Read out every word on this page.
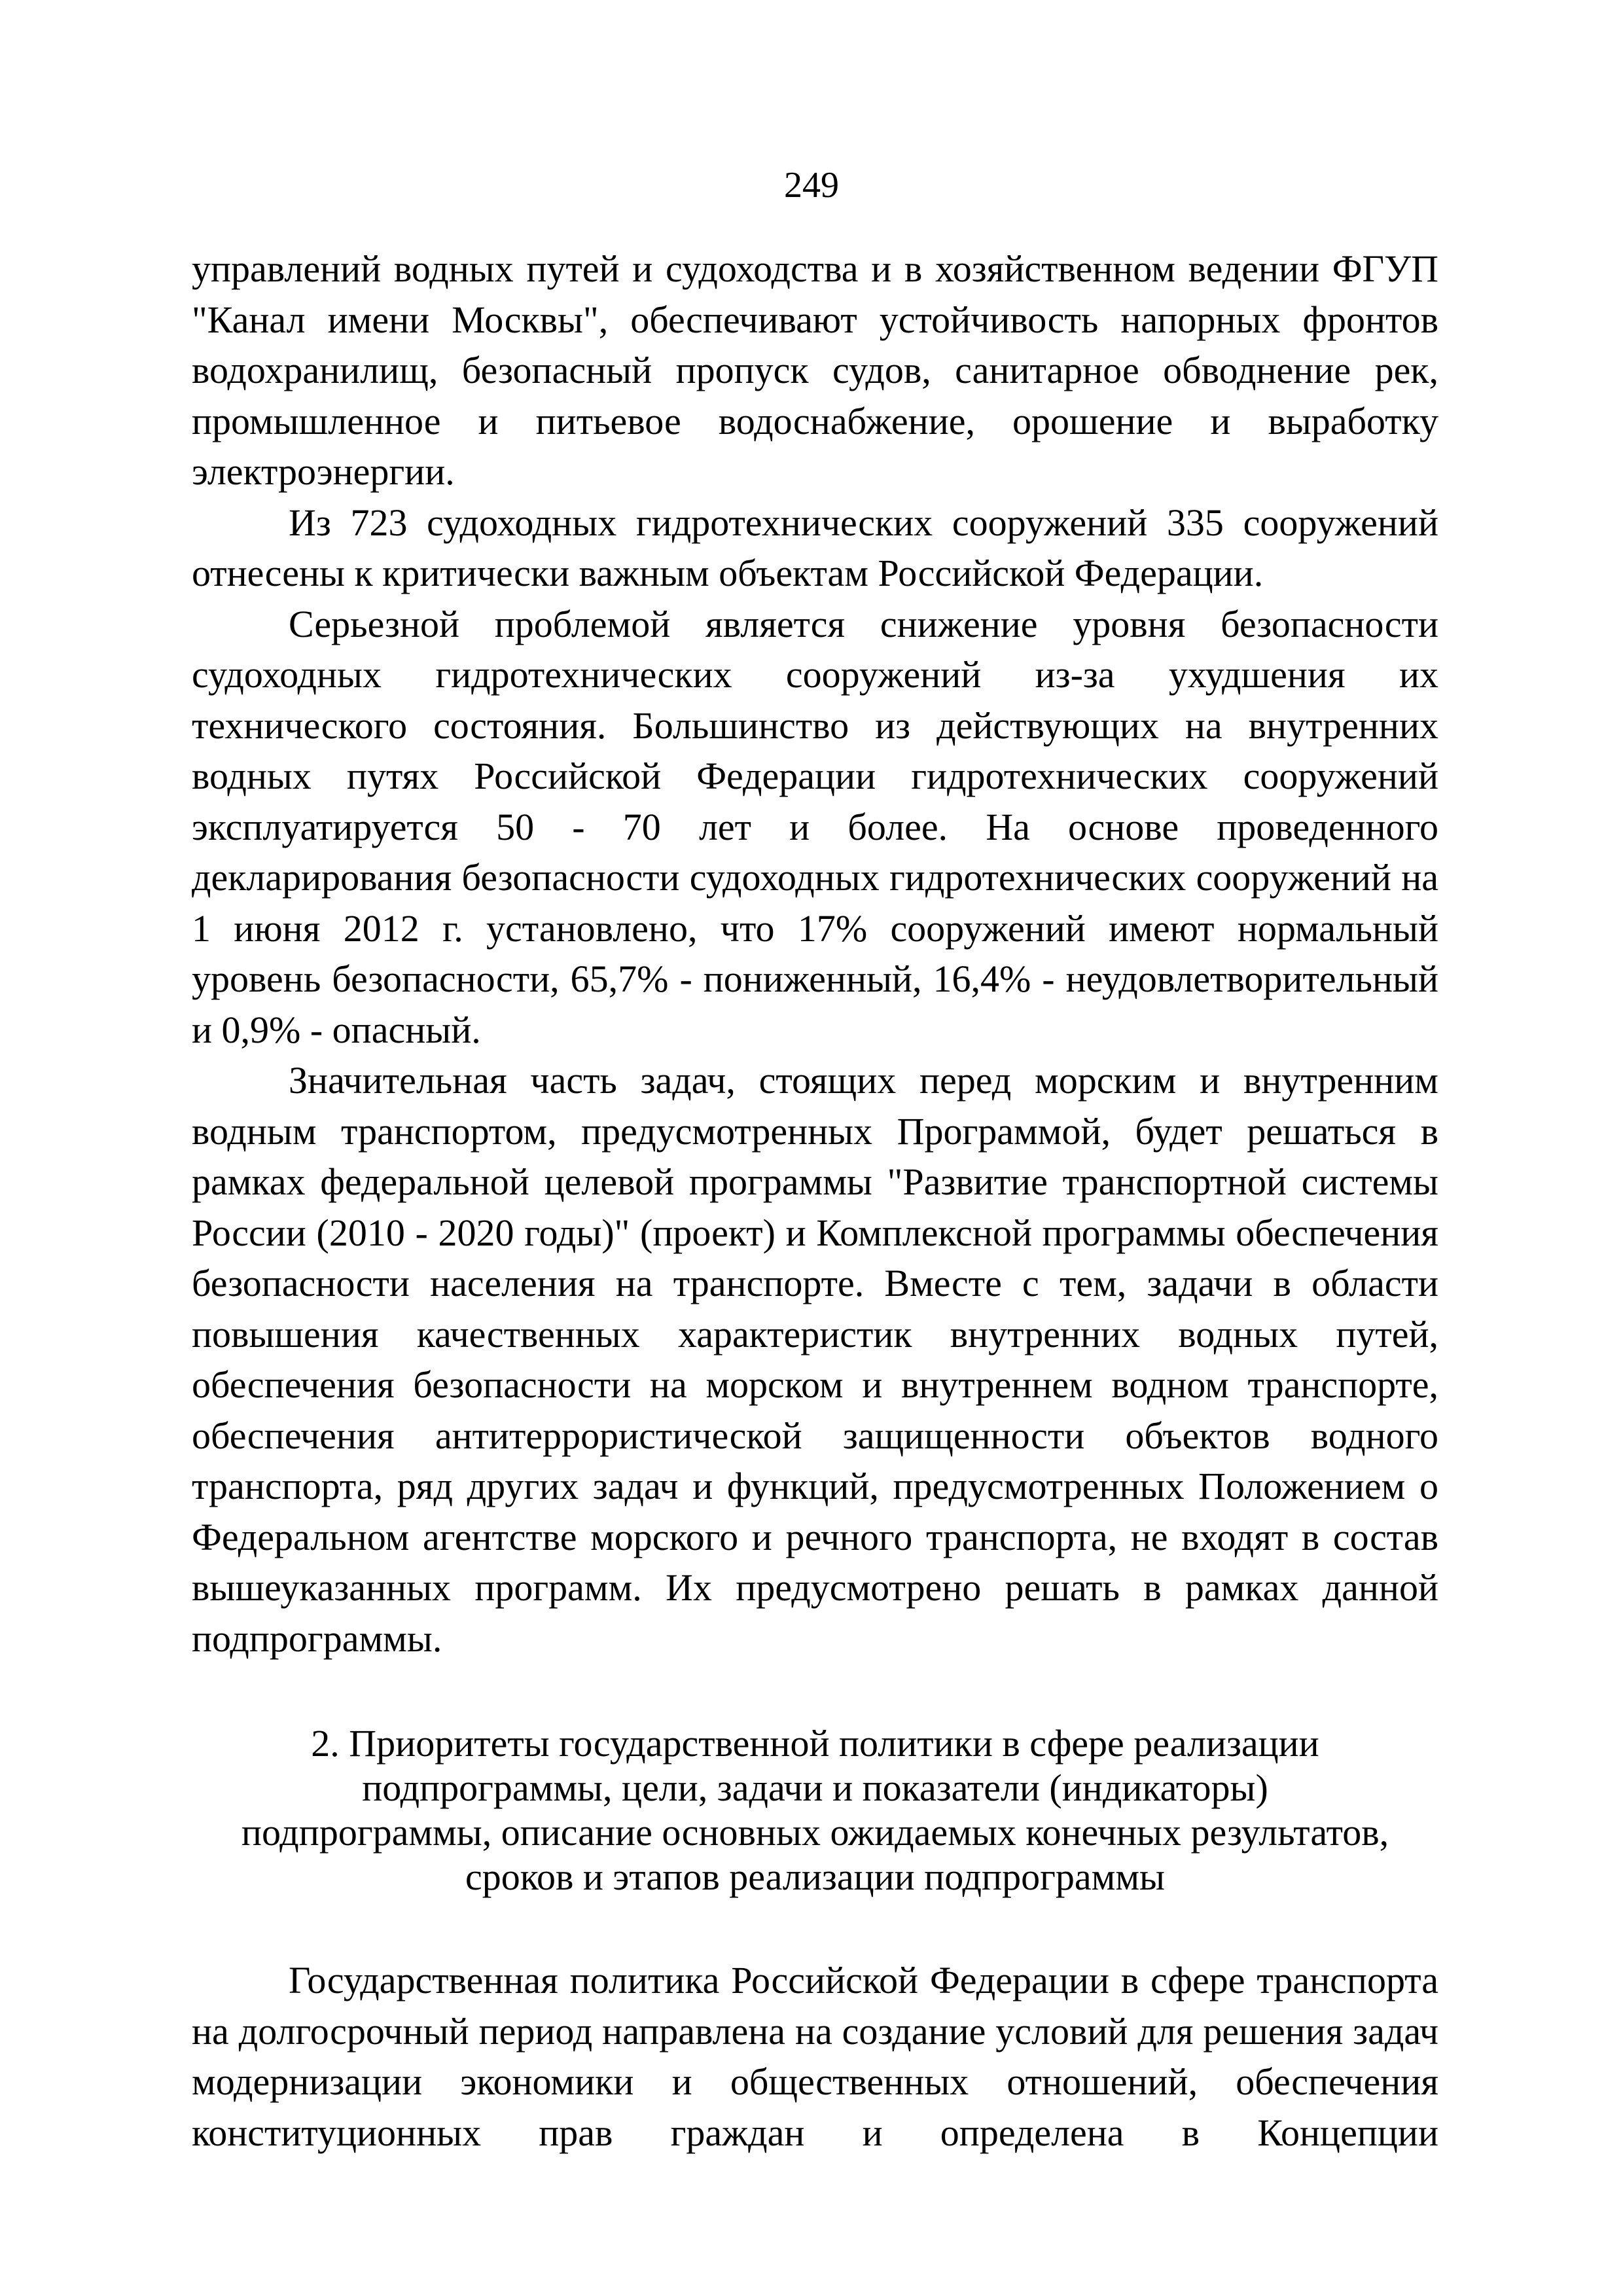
249

управлений водных путей и судоходства и в хозяйственном ведении ФГУП "Канал имени Москвы", обеспечивают устойчивость напорных фронтов водохранилищ, безопасный пропуск судов, санитарное обводнение рек, промышленное и питьевое водоснабжение, орошение и выработку электроэнергии.

Из 723 судоходных гидротехнических сооружений 335 сооружений отнесены к критически важным объектам Российской Федерации.

Серьезной проблемой является снижение уровня безопасности судоходных гидротехнических сооружений из-за ухудшения их технического состояния. Большинство из действующих на внутренних водных путях Российской Федерации гидротехнических сооружений эксплуатируется 50 - 70 лет и более. На основе проведенного декларирования безопасности судоходных гидротехнических сооружений на 1 июня 2012 г. установлено, что 17% сооружений имеют нормальный уровень безопасности, 65,7% - пониженный, 16,4% - неудовлетворительный и 0,9% - опасный.

Значительная часть задач, стоящих перед морским и внутренним водным транспортом, предусмотренных Программой, будет решаться в рамках федеральной целевой программы "Развитие транспортной системы России (2010 - 2020 годы)" (проект) и Комплексной программы обеспечения безопасности населения на транспорте. Вместе с тем, задачи в области повышения качественных характеристик внутренних водных путей, обеспечения безопасности на морском и внутреннем водном транспорте, обеспечения антитеррористической защищенности объектов водного транспорта, ряд других задач и функций, предусмотренных Положением о Федеральном агентстве морского и речного транспорта, не входят в состав вышеуказанных программ. Их предусмотрено решать в рамках данной подпрограммы.

2. Приоритеты государственной политики в сфере реализации
подпрограммы, цели, задачи и показатели (индикаторы)
подпрограммы, описание основных ожидаемых конечных результатов,
сроков и этапов реализации подпрограммы

Государственная политика Российской Федерации в сфере транспорта на долгосрочный период направлена на создание условий для решения задач модернизации экономики и общественных отношений, обеспечения конституционных прав граждан и определена в Концепции
